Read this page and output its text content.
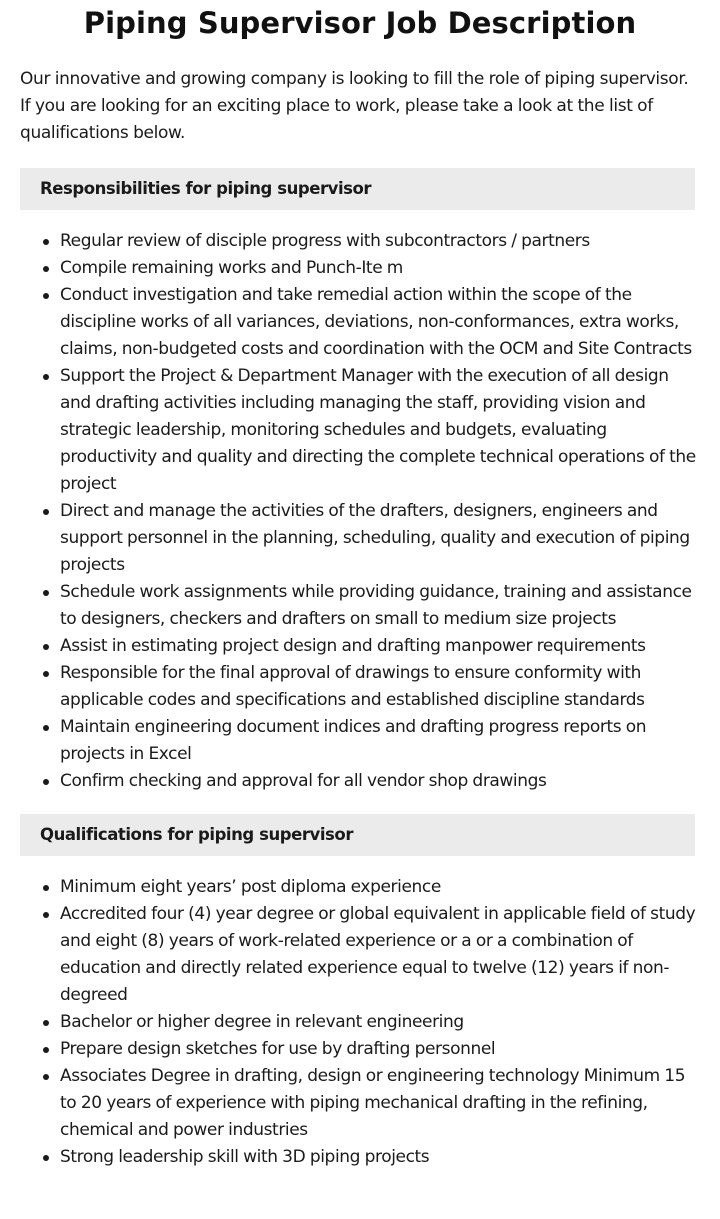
Piping Supervisor Job Description

Our innovative and growing company is looking to fill the role of piping supervisor. If you are looking for an exciting place to work, please take a look at the list of qualifications below.

Responsibilities for piping supervisor
Regular review of disciple progress with subcontractors / partners
Compile remaining works and Punch-Ite m
Conduct investigation and take remedial action within the scope of the discipline works of all variances, deviations, non-conformances, extra works, claims, non-budgeted costs and coordination with the OCM and Site Contracts
Support the Project & Department Manager with the execution of all design and drafting activities including managing the staff, providing vision and strategic leadership, monitoring schedules and budgets, evaluating productivity and quality and directing the complete technical operations of the project
Direct and manage the activities of the drafters, designers, engineers and support personnel in the planning, scheduling, quality and execution of piping projects
Schedule work assignments while providing guidance, training and assistance to designers, checkers and drafters on small to medium size projects
Assist in estimating project design and drafting manpower requirements
Responsible for the final approval of drawings to ensure conformity with applicable codes and specifications and established discipline standards
Maintain engineering document indices and drafting progress reports on projects in Excel
Confirm checking and approval for all vendor shop drawings
Qualifications for piping supervisor
Minimum eight years’ post diploma experience
Accredited four (4) year degree or global equivalent in applicable field of study and eight (8) years of work-related experience or a or a combination of education and directly related experience equal to twelve (12) years if non-degreed
Bachelor or higher degree in relevant engineering
Prepare design sketches for use by drafting personnel
Associates Degree in drafting, design or engineering technology Minimum 15 to 20 years of experience with piping mechanical drafting in the refining, chemical and power industries
Strong leadership skill with 3D piping projects
